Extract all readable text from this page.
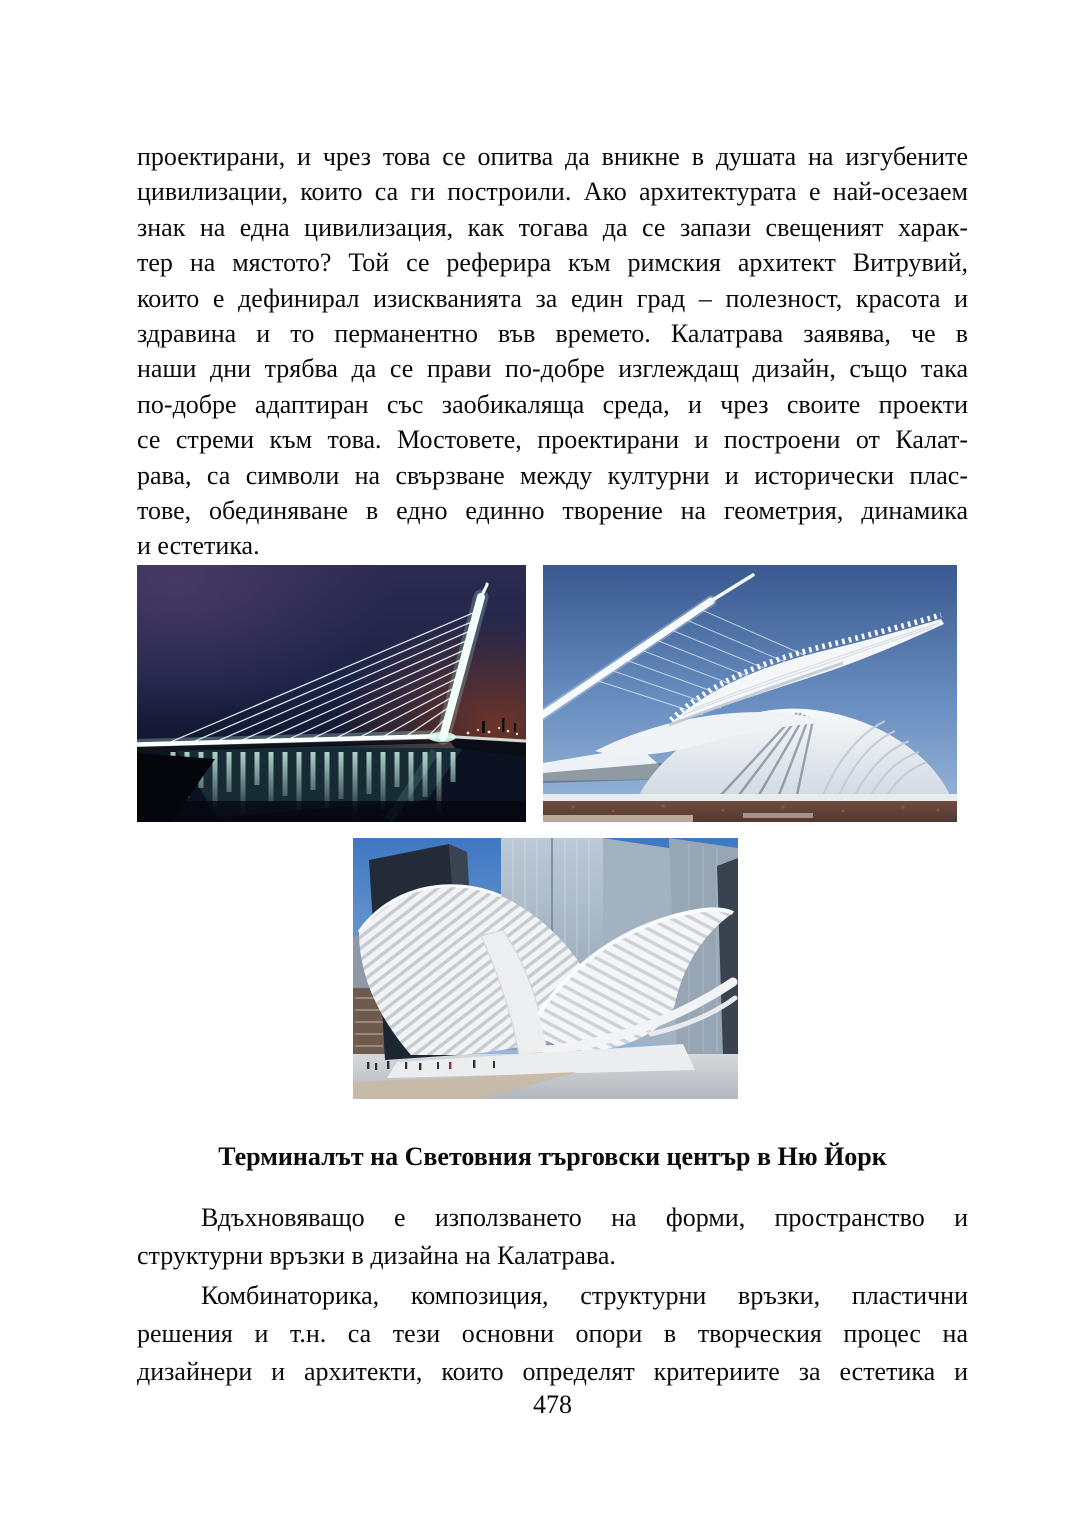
проектирани, и чрез това се опитва да вникне в душата на изгубените
цивилизации, които са ги построили. Ако архитектурата е най-осезаем
знак на една цивилизация, как тогава да се запази свещеният харак-
тер на мястото? Той се реферира към римския архитект Витрувий,
които е дефинирал изискванията за един град – полезност, красота и
здравина и то перманентно във времето. Калатрава заявява, че в
наши дни трябва да се прави по-добре изглеждащ дизайн, също така
по-добре адаптиран със заобикаляща среда, и чрез своите проекти
се стреми към това. Мостовете, проектирани и построени от Калат-
рава, са символи на свързване между културни и исторически плас-
тове, обединяване в едно единно творение на геометрия, динамика
и естетика.
Терминалът на Световния търговски център в Ню Йорк
Вдъхновяващо е използването на форми, пространство и
структурни връзки в дизайна на Калатрава.
Комбинаторика, композиция, структурни връзки, пластични
решения и т.н. са тези основни опори в творческия процес на
дизайнери и архитекти, които определят критериите за естетика и
478
